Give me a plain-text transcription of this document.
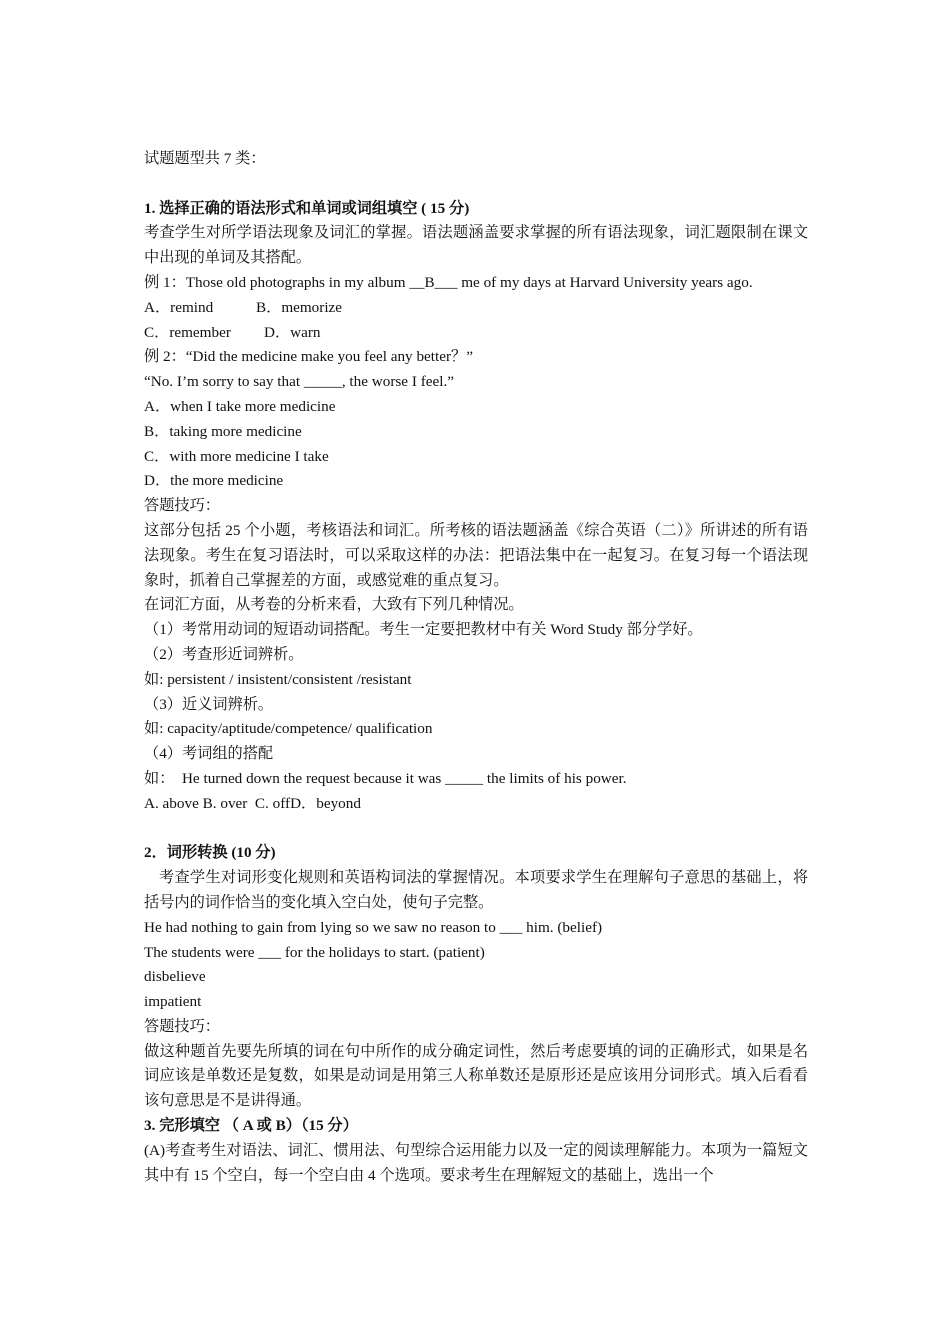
试题题型共 7 类：

1. 选择正确的语法形式和单词或词组填空 ( 15 分)

考查学生对所学语法现象及词汇的掌握。语法题涵盖要求掌握的所有语法现象，词汇题限制在课文中出现的单词及其搭配。

例 1：Those old photographs in my album __B___ me of my days at Harvard University years ago.

A．remind	B．memorize

C．remember D．warn

例 2：“Did the medicine make you feel any better？”

“No. I’m sorry to say that _____, the worse I feel.”

A．when I take more medicine

B．taking more medicine

C．with more medicine I take

D．the more medicine

答题技巧：

这部分包括 25 个小题，考核语法和词汇。所考核的语法题涵盖《综合英语（二）》所讲述的所有语法现象。考生在复习语法时，可以采取这样的办法：把语法集中在一起复习。在复习每一个语法现象时，抓着自己掌握差的方面，或感觉难的重点复习。

在词汇方面，从考卷的分析来看，大致有下列几种情况。

（1）考常用动词的短语动词搭配。考生一定要把教材中有关 Word Study 部分学好。

（2）考查形近词辨析。

如: persistent / insistent/consistent /resistant

（3）近义词辨析。

如: capacity/aptitude/competence/ qualification

（4）考词组的搭配

如：  He turned down the request because it was _____ the limits of his power.

A. above B. over  C. offD．beyond

2．词形转换 (10 分)

考查学生对词形变化规则和英语构词法的掌握情况。本项要求学生在理解句子意思的基础上，将括号内的词作恰当的变化填入空白处，使句子完整。

He had nothing to gain from lying so we saw no reason to ___ him. (belief)

The students were ___ for the holidays to start. (patient)

disbelieve

impatient

答题技巧：

做这种题首先要先所填的词在句中所作的成分确定词性，然后考虑要填的词的正确形式，如果是名词应该是单数还是复数，如果是动词是用第三人称单数还是原形还是应该用分词形式。填入后看看该句意思是不是讲得通。

3. 完形填空 （ A 或 B）（15 分）

(A)考查考生对语法、词汇、惯用法、句型综合运用能力以及一定的阅读理解能力。本项为一篇短文其中有 15 个空白，每一个空白由 4 个选项。要求考生在理解短文的基础上，选出一个
